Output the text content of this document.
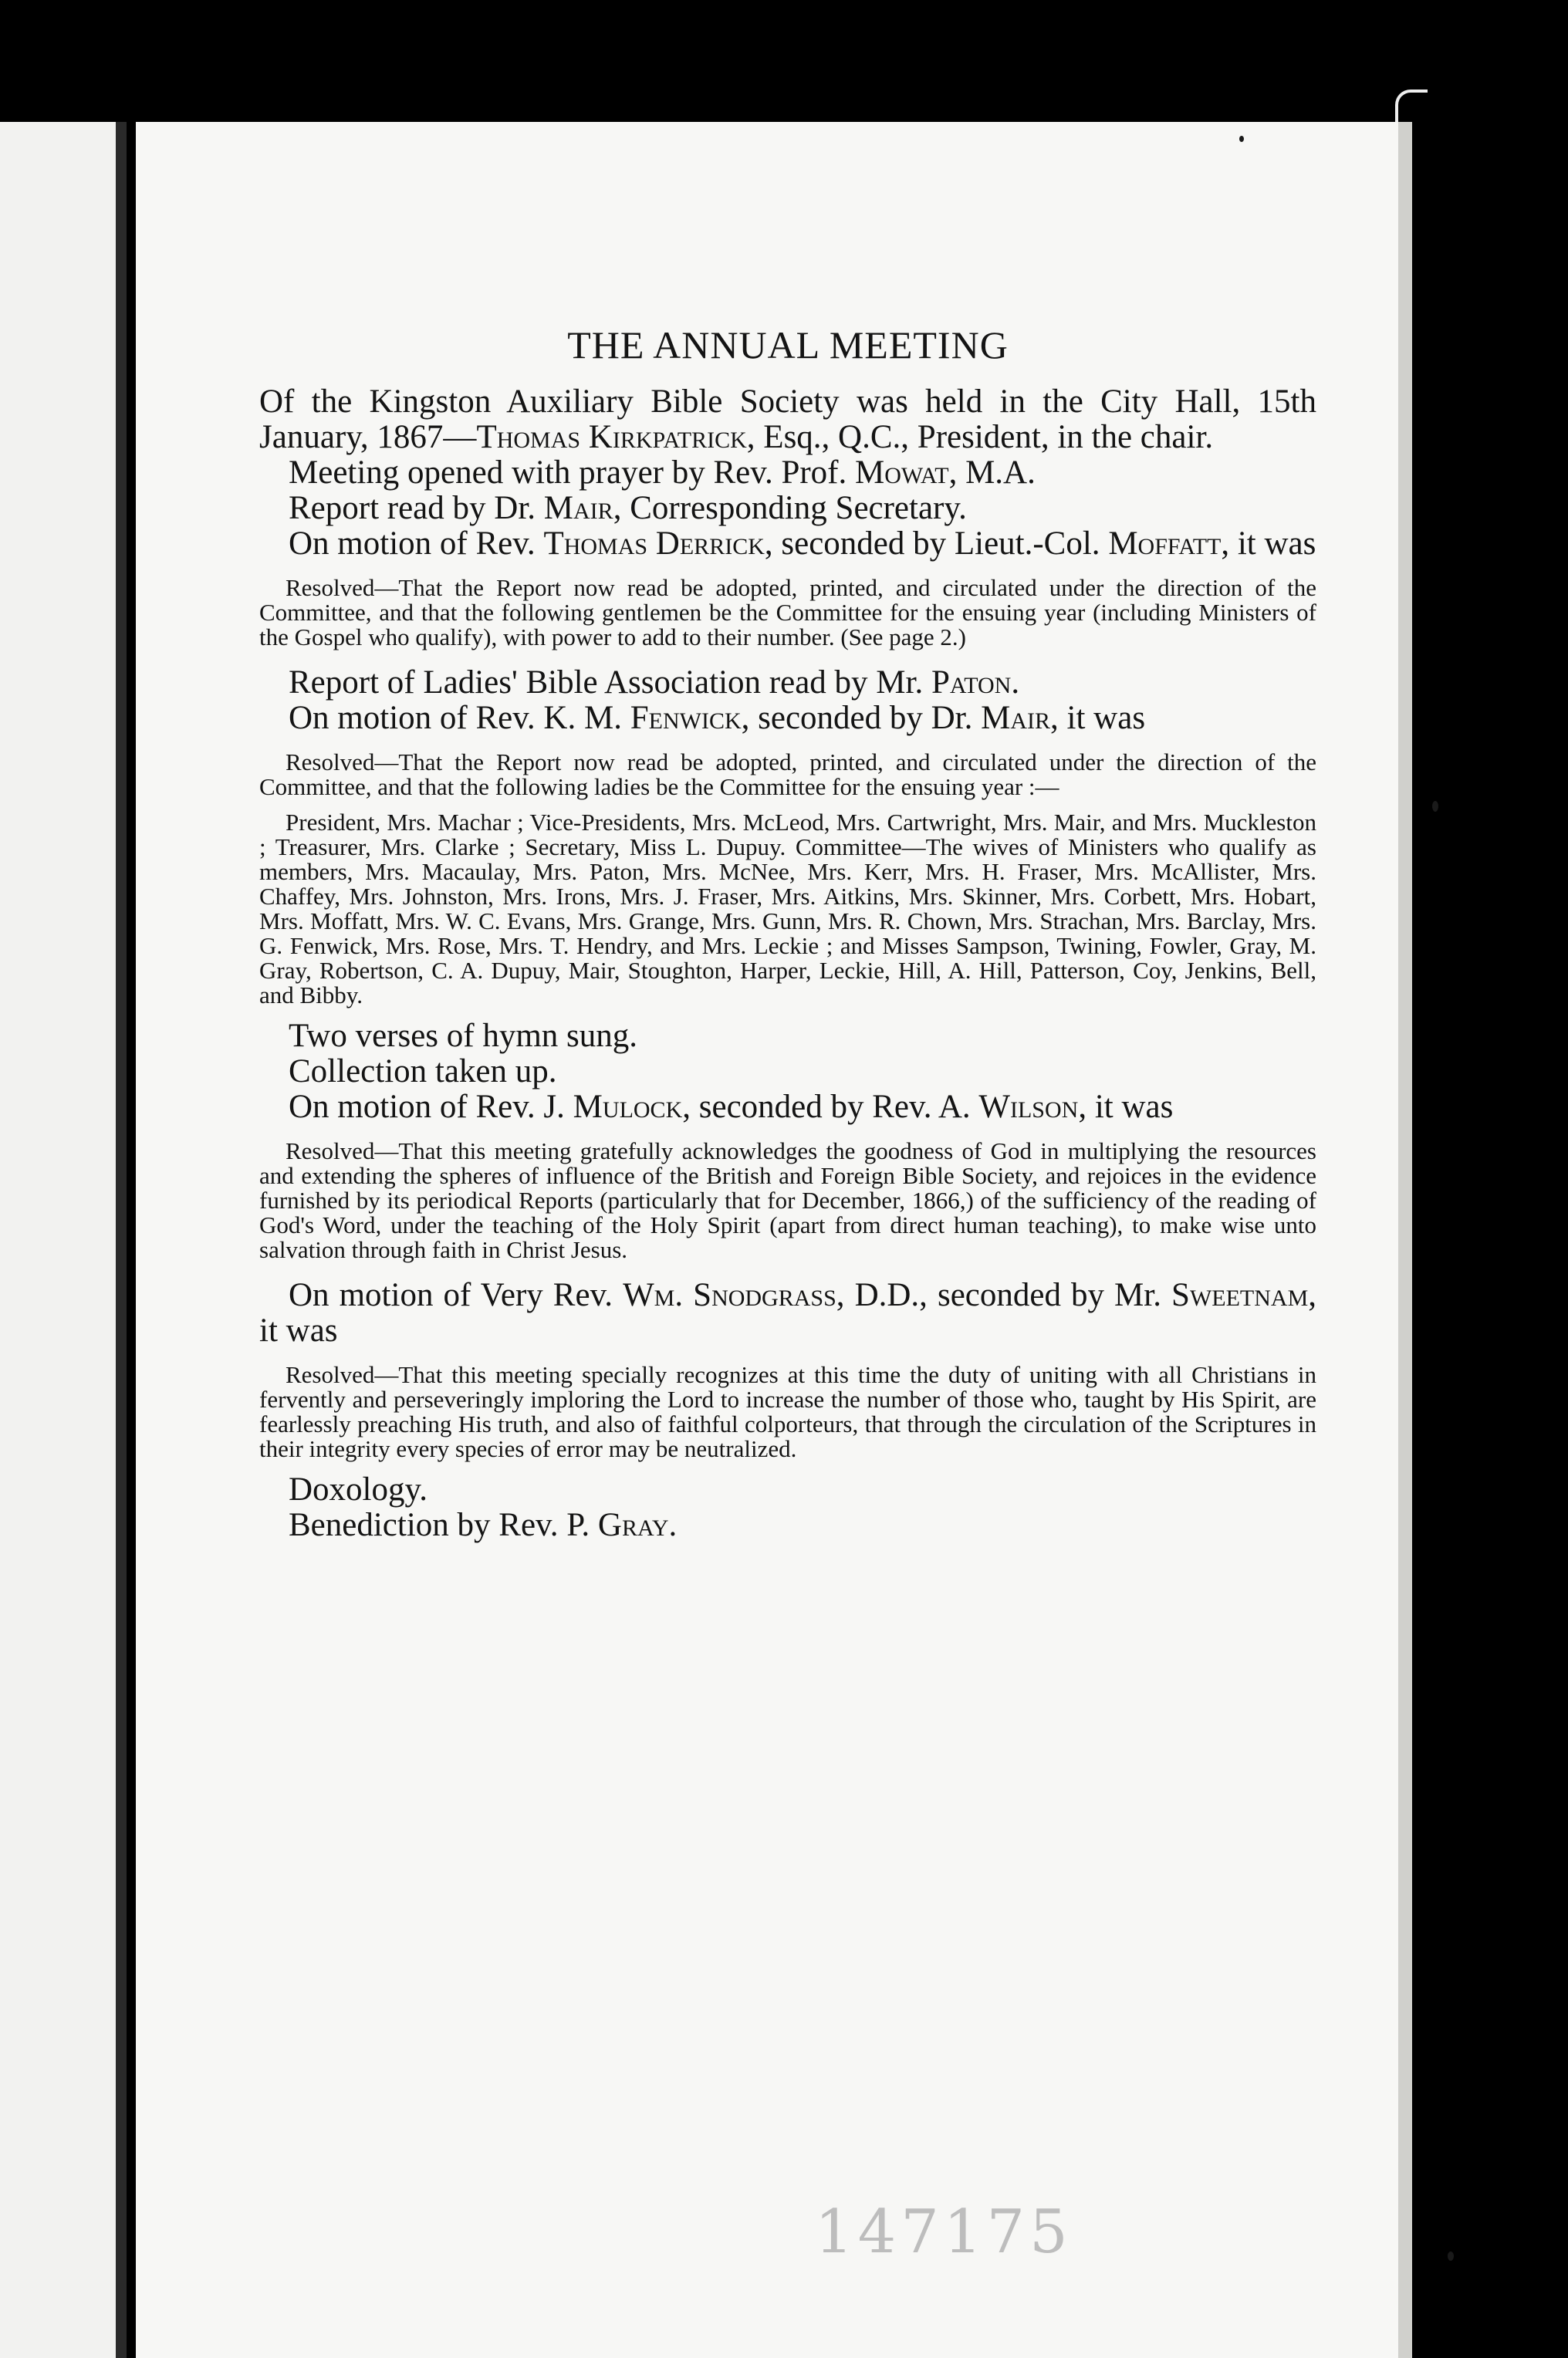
THE ANNUAL MEETING

Of the Kingston Auxiliary Bible Society was held in the City Hall, 15th January, 1867—Thomas Kirkpatrick, Esq., Q.C., President, in the chair.

Meeting opened with prayer by Rev. Prof. Mowat, M.A.

Report read by Dr. Mair, Corresponding Secretary.

On motion of Rev. Thomas Derrick, seconded by Lieut.-Col. Moffatt, it was

Resolved—That the Report now read be adopted, printed, and circulated under the direction of the Committee, and that the following gentlemen be the Committee for the ensuing year (including Ministers of the Gospel who qualify), with power to add to their number. (See page 2.)

Report of Ladies' Bible Association read by Mr. Paton.

On motion of Rev. K. M. Fenwick, seconded by Dr. Mair, it was

Resolved—That the Report now read be adopted, printed, and circulated under the direction of the Committee, and that the following ladies be the Committee for the ensuing year :—

President, Mrs. Machar ; Vice-Presidents, Mrs. McLeod, Mrs. Cartwright, Mrs. Mair, and Mrs. Muckleston ; Treasurer, Mrs. Clarke ; Secretary, Miss L. Dupuy. Committee—The wives of Ministers who qualify as members, Mrs. Macaulay, Mrs. Paton, Mrs. McNee, Mrs. Kerr, Mrs. H. Fraser, Mrs. McAllister, Mrs. Chaffey, Mrs. Johnston, Mrs. Irons, Mrs. J. Fraser, Mrs. Aitkins, Mrs. Skinner, Mrs. Corbett, Mrs. Hobart, Mrs. Moffatt, Mrs. W. C. Evans, Mrs. Grange, Mrs. Gunn, Mrs. R. Chown, Mrs. Strachan, Mrs. Barclay, Mrs. G. Fenwick, Mrs. Rose, Mrs. T. Hendry, and Mrs. Leckie ; and Misses Sampson, Twining, Fowler, Gray, M. Gray, Robertson, C. A. Dupuy, Mair, Stoughton, Harper, Leckie, Hill, A. Hill, Patterson, Coy, Jenkins, Bell, and Bibby.

Two verses of hymn sung.

Collection taken up.

On motion of Rev. J. Mulock, seconded by Rev. A. Wilson, it was

Resolved—That this meeting gratefully acknowledges the goodness of God in multiplying the resources and extending the spheres of influence of the British and Foreign Bible Society, and rejoices in the evidence furnished by its periodical Reports (particularly that for December, 1866,) of the sufficiency of the reading of God's Word, under the teaching of the Holy Spirit (apart from direct human teaching), to make wise unto salvation through faith in Christ Jesus.

On motion of Very Rev. Wm. Snodgrass, D.D., seconded by Mr. Sweetnam, it was

Resolved—That this meeting specially recognizes at this time the duty of uniting with all Christians in fervently and perseveringly imploring the Lord to increase the number of those who, taught by His Spirit, are fearlessly preaching His truth, and also of faithful colporteurs, that through the circulation of the Scriptures in their integrity every species of error may be neutralized.

Doxology.

Benediction by Rev. P. Gray.

147175
